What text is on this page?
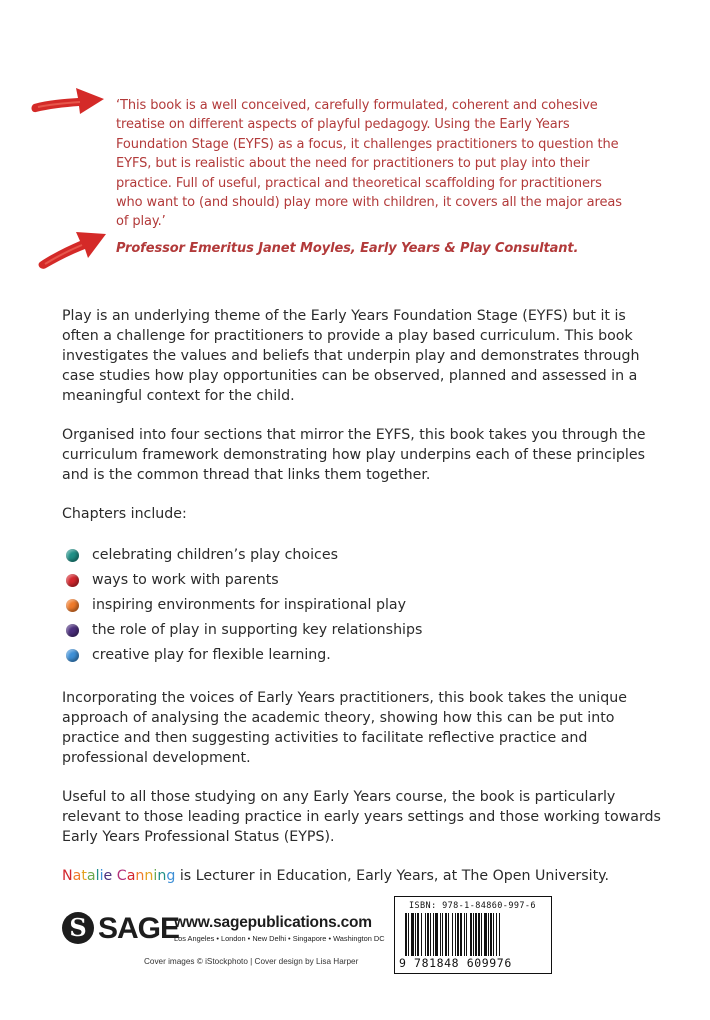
‘This book is a well conceived, carefully formulated, coherent and cohesive treatise on different aspects of playful pedagogy. Using the Early Years Foundation Stage (EYFS) as a focus, it challenges practitioners to question the EYFS, but is realistic about the need for practitioners to put play into their practice. Full of useful, practical and theoretical scaffolding for practitioners who want to (and should) play more with children, it covers all the major areas of play.’

Professor Emeritus Janet Moyles, Early Years & Play Consultant.

Play is an underlying theme of the Early Years Foundation Stage (EYFS) but it is often a challenge for practitioners to provide a play based curriculum. This book investigates the values and beliefs that underpin play and demonstrates through case studies how play opportunities can be observed, planned and assessed in a meaningful context for the child.

Organised into four sections that mirror the EYFS, this book takes you through the curriculum framework demonstrating how play underpins each of these principles and is the common thread that links them together.

Chapters include:

celebrating children’s play choices
ways to work with parents
inspiring environments for inspirational play
the role of play in supporting key relationships
creative play for flexible learning.

Incorporating the voices of Early Years practitioners, this book takes the unique approach of analysing the academic theory, showing how this can be put into practice and then suggesting activities to facilitate reflective practice and professional development.

Useful to all those studying on any Early Years course, the book is particularly relevant to those leading practice in early years settings and those working towards Early Years Professional Status (EYPS).

Natalie Canning is Lecturer in Education, Early Years, at The Open University.

S SAGE
www.sagepublications.com
Los Angeles • London • New Delhi • Singapore • Washington DC
Cover images © iStockphoto | Cover design by Lisa Harper
ISBN: 978-1-84860-997-6
9 781848 609976
